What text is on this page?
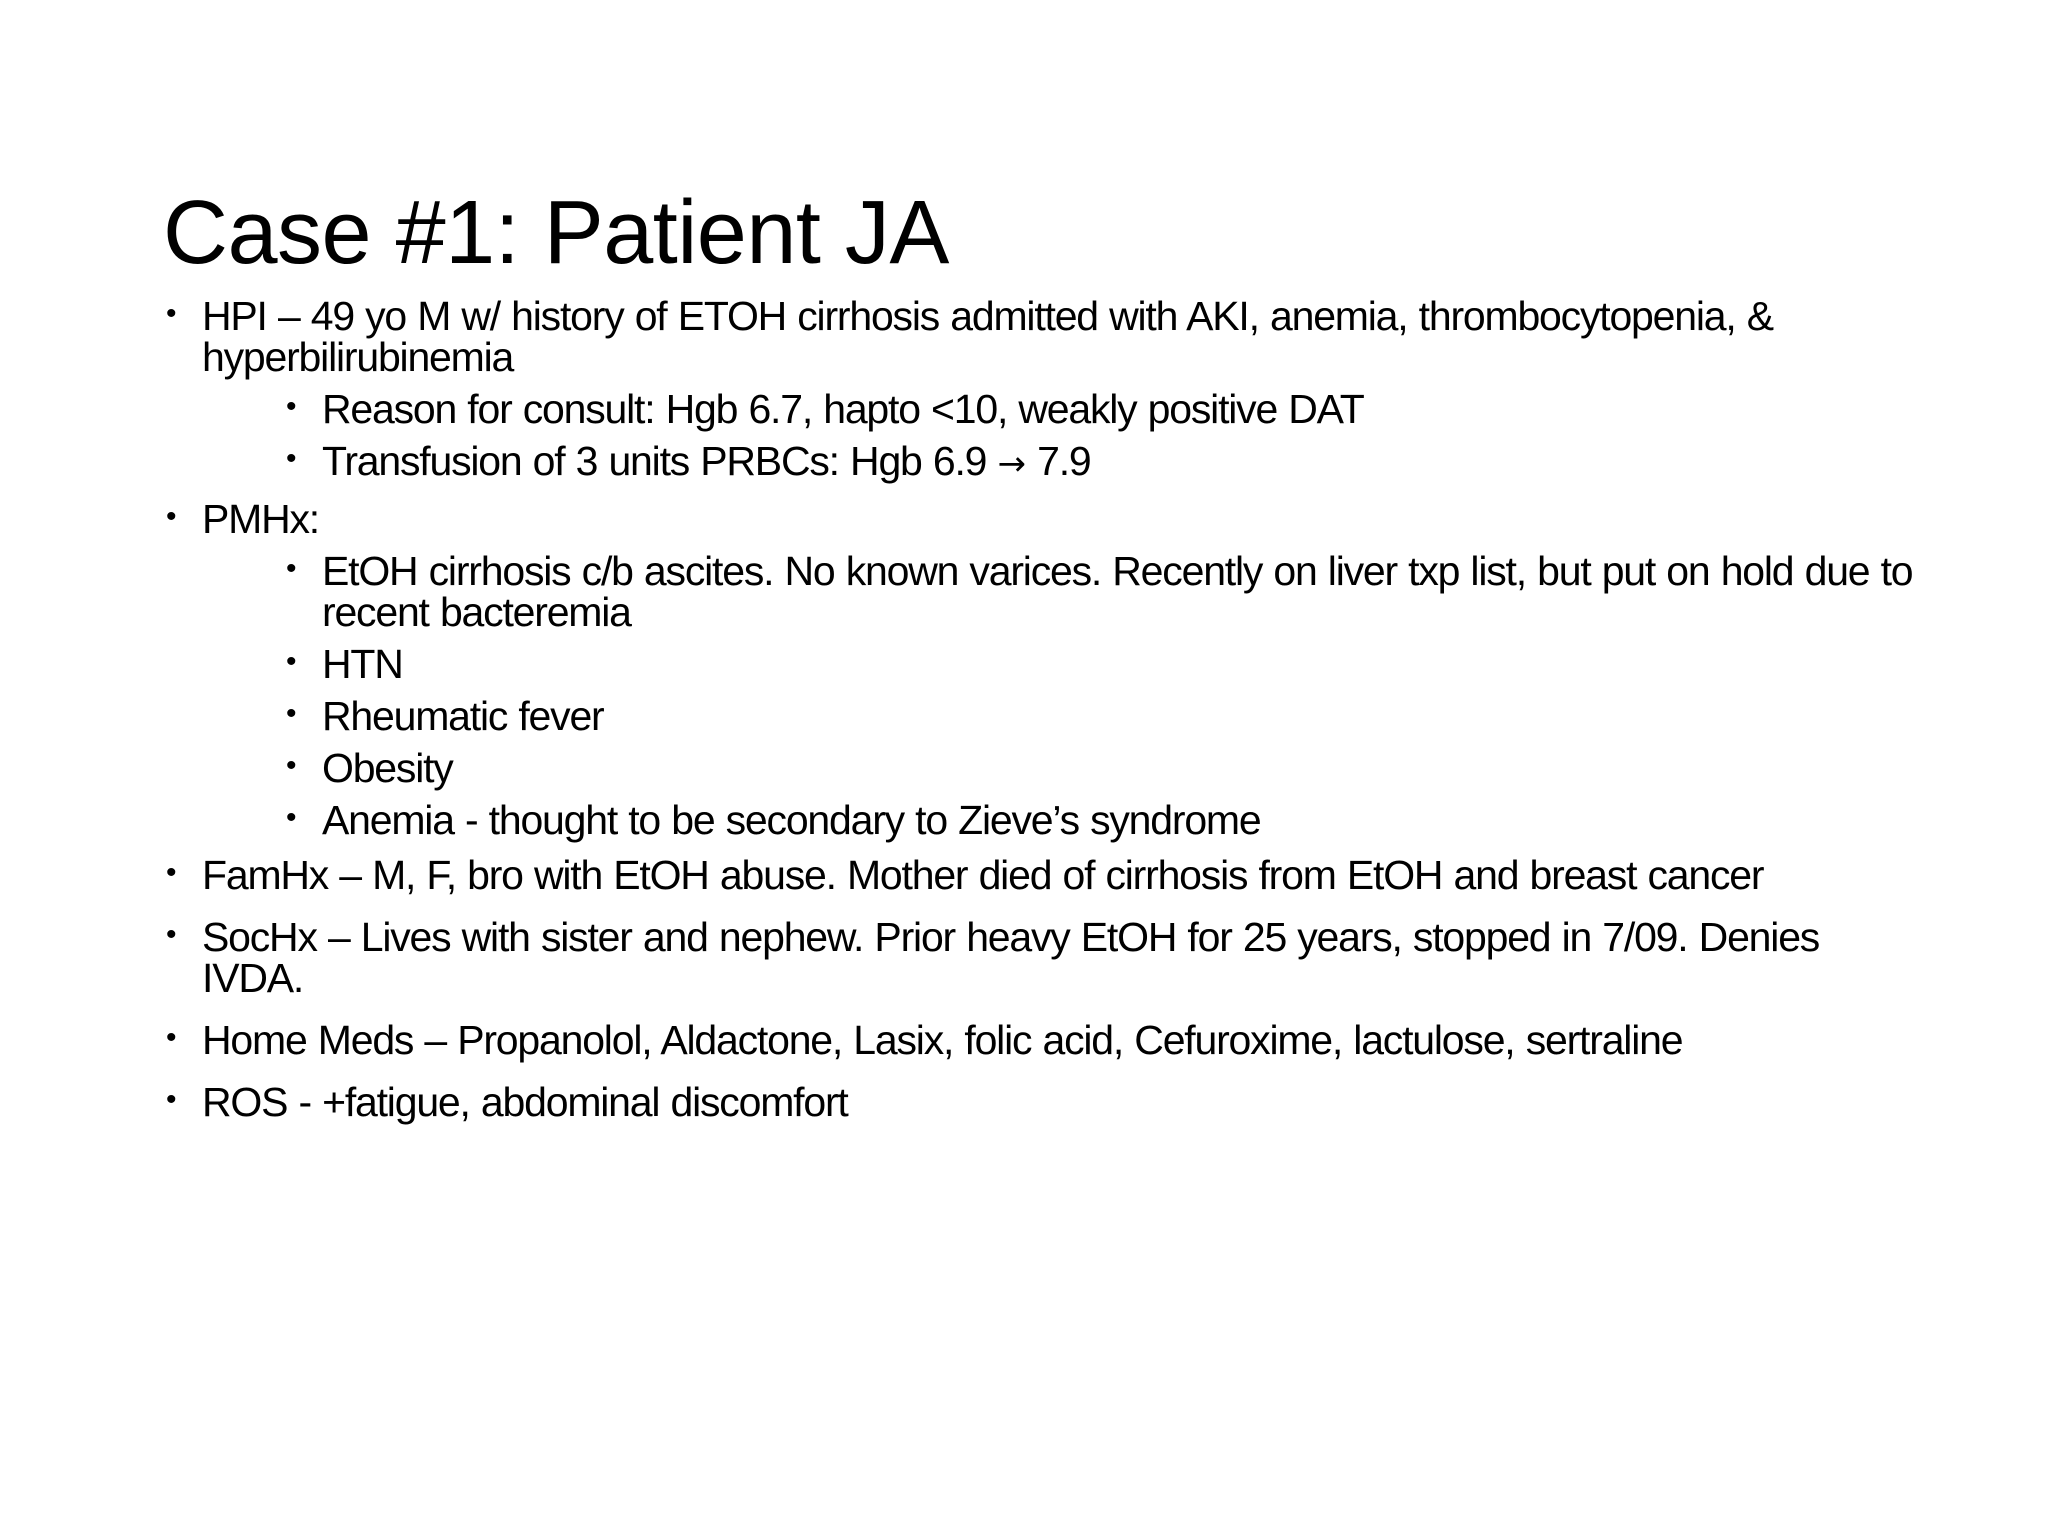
Case #1: Patient JA
• HPI – 49 yo M w/ history of ETOH cirrhosis admitted with AKI, anemia, thrombocytopenia, & hyperbilirubinemia
• Reason for consult: Hgb 6.7, hapto <10, weakly positive DAT
• Transfusion of 3 units PRBCs: Hgb 6.9 → 7.9
• PMHx:
• EtOH cirrhosis c/b ascites. No known varices. Recently on liver txp list, but put on hold due to recent bacteremia
• HTN
• Rheumatic fever
• Obesity
• Anemia - thought to be secondary to Zieve’s syndrome
• FamHx – M, F, bro with EtOH abuse. Mother died of cirrhosis from EtOH and breast cancer
• SocHx – Lives with sister and nephew. Prior heavy EtOH for 25 years, stopped in 7/09. Denies IVDA.
• Home Meds – Propanolol, Aldactone, Lasix, folic acid, Cefuroxime, lactulose, sertraline
• ROS - +fatigue, abdominal discomfort
